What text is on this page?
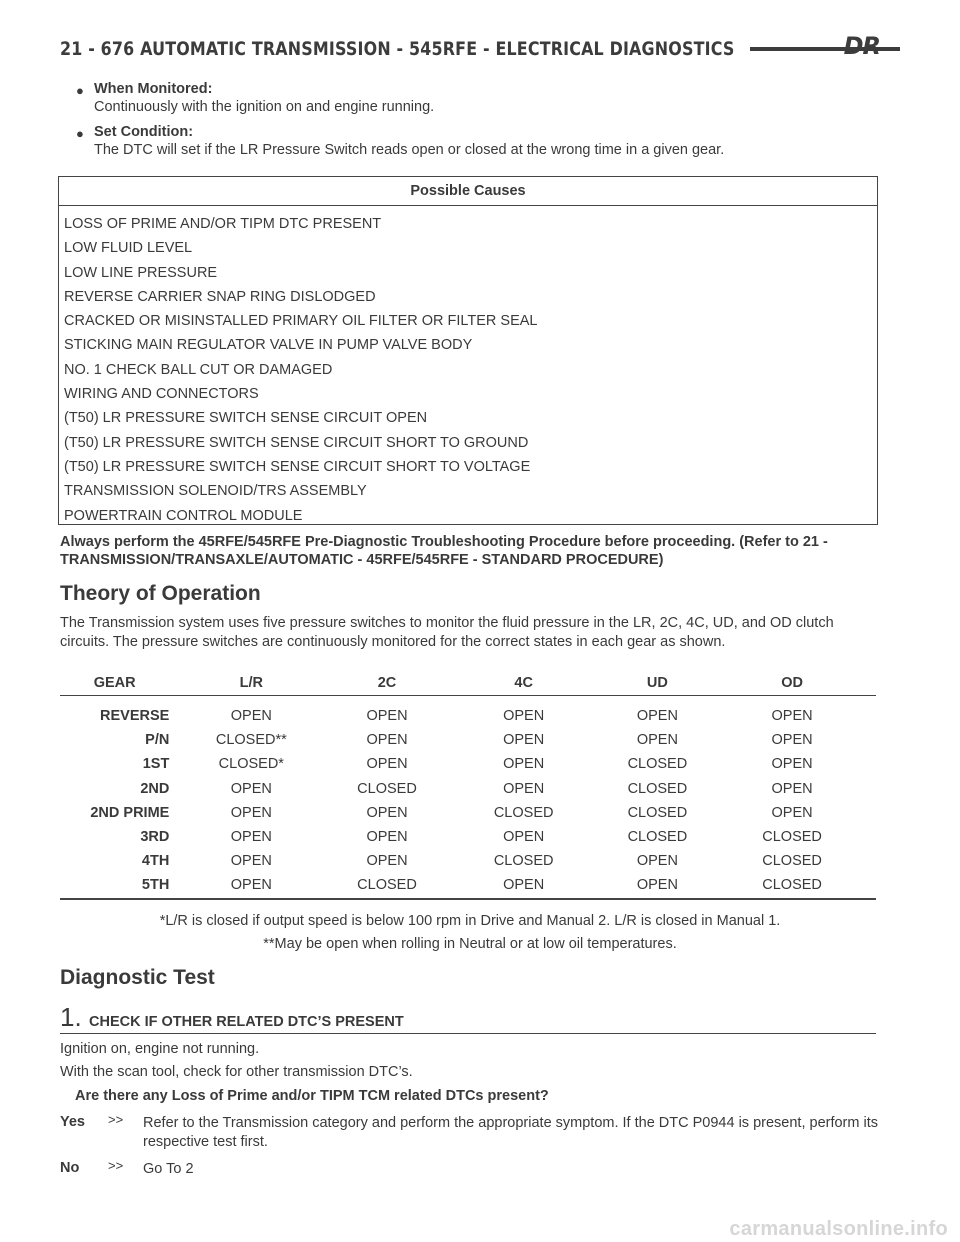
21 - 676 AUTOMATIC TRANSMISSION - 545RFE - ELECTRICAL DIAGNOSTICS	DR
● When Monitored:
Continuously with the ignition on and engine running.
● Set Condition:
The DTC will set if the LR Pressure Switch reads open or closed at the wrong time in a given gear.
Possible Causes
LOSS OF PRIME AND/OR TIPM DTC PRESENT
LOW FLUID LEVEL
LOW LINE PRESSURE
REVERSE CARRIER SNAP RING DISLODGED
CRACKED OR MISINSTALLED PRIMARY OIL FILTER OR FILTER SEAL
STICKING MAIN REGULATOR VALVE IN PUMP VALVE BODY
NO. 1 CHECK BALL CUT OR DAMAGED
WIRING AND CONNECTORS
(T50) LR PRESSURE SWITCH SENSE CIRCUIT OPEN
(T50) LR PRESSURE SWITCH SENSE CIRCUIT SHORT TO GROUND
(T50) LR PRESSURE SWITCH SENSE CIRCUIT SHORT TO VOLTAGE
TRANSMISSION SOLENOID/TRS ASSEMBLY
POWERTRAIN CONTROL MODULE
Always perform the 45RFE/545RFE Pre-Diagnostic Troubleshooting Procedure before proceeding. (Refer to 21 - TRANSMISSION/TRANSAXLE/AUTOMATIC - 45RFE/545RFE - STANDARD PROCEDURE)
Theory of Operation
The Transmission system uses five pressure switches to monitor the fluid pressure in the LR, 2C, 4C, UD, and OD clutch circuits. The pressure switches are continuously monitored for the correct states in each gear as shown.
GEAR	L/R	2C	4C	UD	OD
REVERSE	OPEN	OPEN	OPEN	OPEN	OPEN
P/N	CLOSED**	OPEN	OPEN	OPEN	OPEN
1ST	CLOSED*	OPEN	OPEN	CLOSED	OPEN
2ND	OPEN	CLOSED	OPEN	CLOSED	OPEN
2ND PRIME	OPEN	OPEN	CLOSED	CLOSED	OPEN
3RD	OPEN	OPEN	OPEN	CLOSED	CLOSED
4TH	OPEN	OPEN	CLOSED	OPEN	CLOSED
5TH	OPEN	CLOSED	OPEN	OPEN	CLOSED
*L/R is closed if output speed is below 100 rpm in Drive and Manual 2. L/R is closed in Manual 1.
**May be open when rolling in Neutral or at low oil temperatures.
Diagnostic Test
1. CHECK IF OTHER RELATED DTC’S PRESENT
Ignition on, engine not running.
With the scan tool, check for other transmission DTC’s.
Are there any Loss of Prime and/or TIPM TCM related DTCs present?
Yes >> Refer to the Transmission category and perform the appropriate symptom. If the DTC P0944 is present, perform its respective test first.
No >> Go To 2
carmanualsonline.info
